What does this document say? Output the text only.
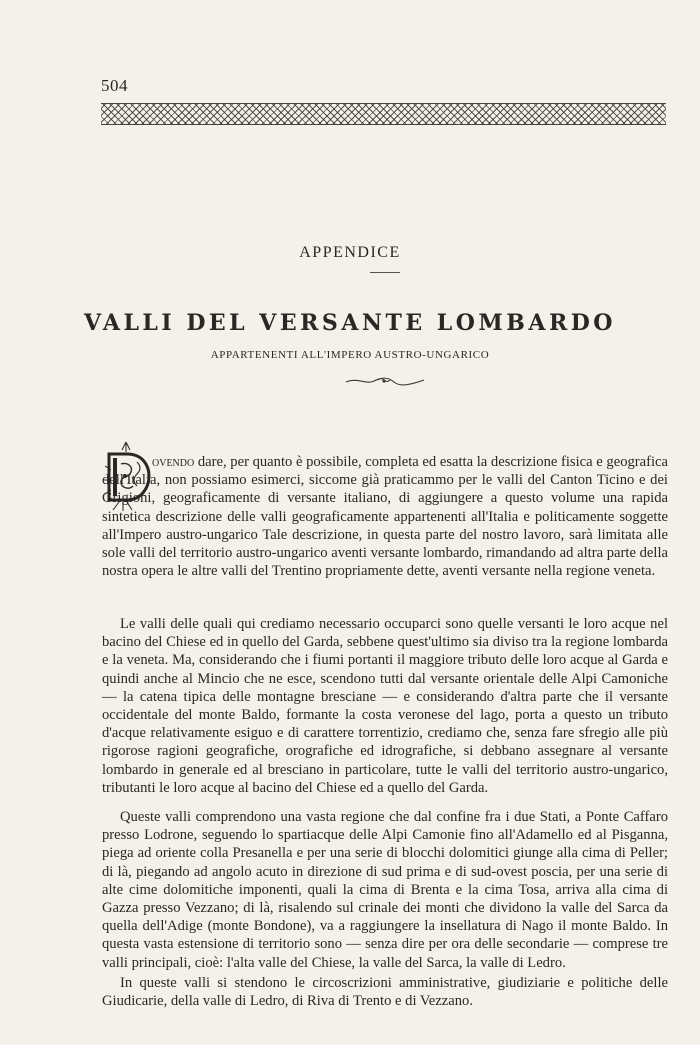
504
APPENDICE
VALLI DEL VERSANTE LOMBARDO
APPARTENENTI ALL'IMPERO AUSTRO-UNGARICO

ovendo dare, per quanto è possibile, completa ed esatta la descrizione fisica e geografica dell'Italia, non possiamo esimerci, siccome già praticammo per le valli del Canton Ticino e dei Grigioni, geograficamente di versante italiano, di aggiungere a questo volume una rapida sintetica descrizione delle valli geograficamente appartenenti all'Italia e politicamente soggette all'Impero austro-ungarico Tale descrizione, in questa parte del nostro lavoro, sarà limitata alle sole valli del territorio austro-ungarico aventi versante lombardo, rimandando ad altra parte della nostra opera le altre valli del Trentino propriamente dette, aventi versante nella regione veneta.

Le valli delle quali qui crediamo necessario occuparci sono quelle versanti le loro acque nel bacino del Chiese ed in quello del Garda, sebbene quest'ultimo sia diviso tra la regione lombarda e la veneta. Ma, considerando che i fiumi portanti il maggiore tributo delle loro acque al Garda e quindi anche al Mincio che ne esce, scendono tutti dal versante orientale delle Alpi Camoniche — la catena tipica delle montagne bresciane — e considerando d'altra parte che il versante occidentale del monte Baldo, formante la costa veronese del lago, porta a questo un tributo d'acque relativamente esiguo e di carattere torrentizio, crediamo che, senza fare sfregio alle più rigorose ragioni geografiche, orografiche ed idrografiche, si debbano assegnare al versante lombardo in generale ed al bresciano in particolare, tutte le valli del territorio austro-ungarico, tributanti le loro acque al bacino del Chiese ed a quello del Garda.

Queste valli comprendono una vasta regione che dal confine fra i due Stati, a Ponte Caffaro presso Lodrone, seguendo lo spartiacque delle Alpi Camonie fino all'Adamello ed al Pisganna, piega ad oriente colla Presanella e per una serie di blocchi dolomitici giunge alla cima di Peller; di là, piegando ad angolo acuto in direzione di sud prima e di sud-ovest poscia, per una serie di alte cime dolomitiche imponenti, quali la cima di Brenta e la cima Tosa, arriva alla cima di Gazza presso Vezzano; di là, risalendo sul crinale dei monti che dividono la valle del Sarca da quella dell'Adige (monte Bondone), va a raggiungere la insellatura di Nago il monte Baldo. In questa vasta estensione di territorio sono — senza dire per ora delle secondarie — comprese tre valli principali, cioè: l'alta valle del Chiese, la valle del Sarca, la valle di Ledro.

In queste valli si stendono le circoscrizioni amministrative, giudiziarie e politiche delle Giudicarie, della valle di Ledro, di Riva di Trento e di Vezzano.
